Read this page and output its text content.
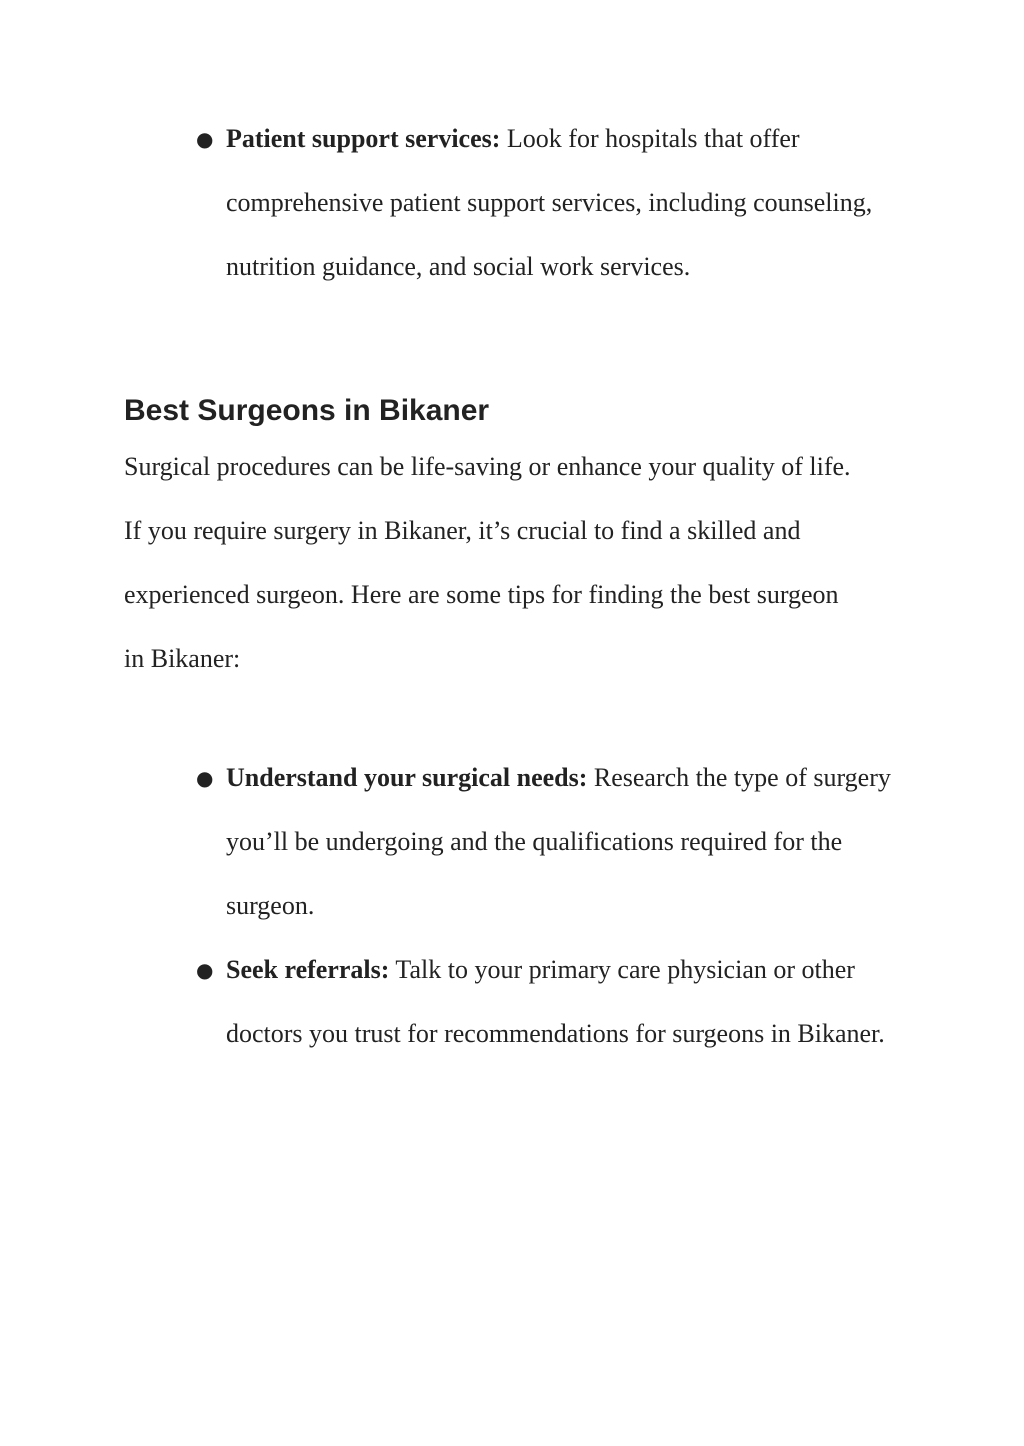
● Patient support services: Look for hospitals that offer comprehensive patient support services, including counseling, nutrition guidance, and social work services.
Best Surgeons in Bikaner

Surgical procedures can be life-saving or enhance your quality of life. If you require surgery in Bikaner, it’s crucial to find a skilled and experienced surgeon. Here are some tips for finding the best surgeon in Bikaner:

● Understand your surgical needs: Research the type of surgery you’ll be undergoing and the qualifications required for the surgeon.
● Seek referrals: Talk to your primary care physician or other doctors you trust for recommendations for surgeons in Bikaner.
